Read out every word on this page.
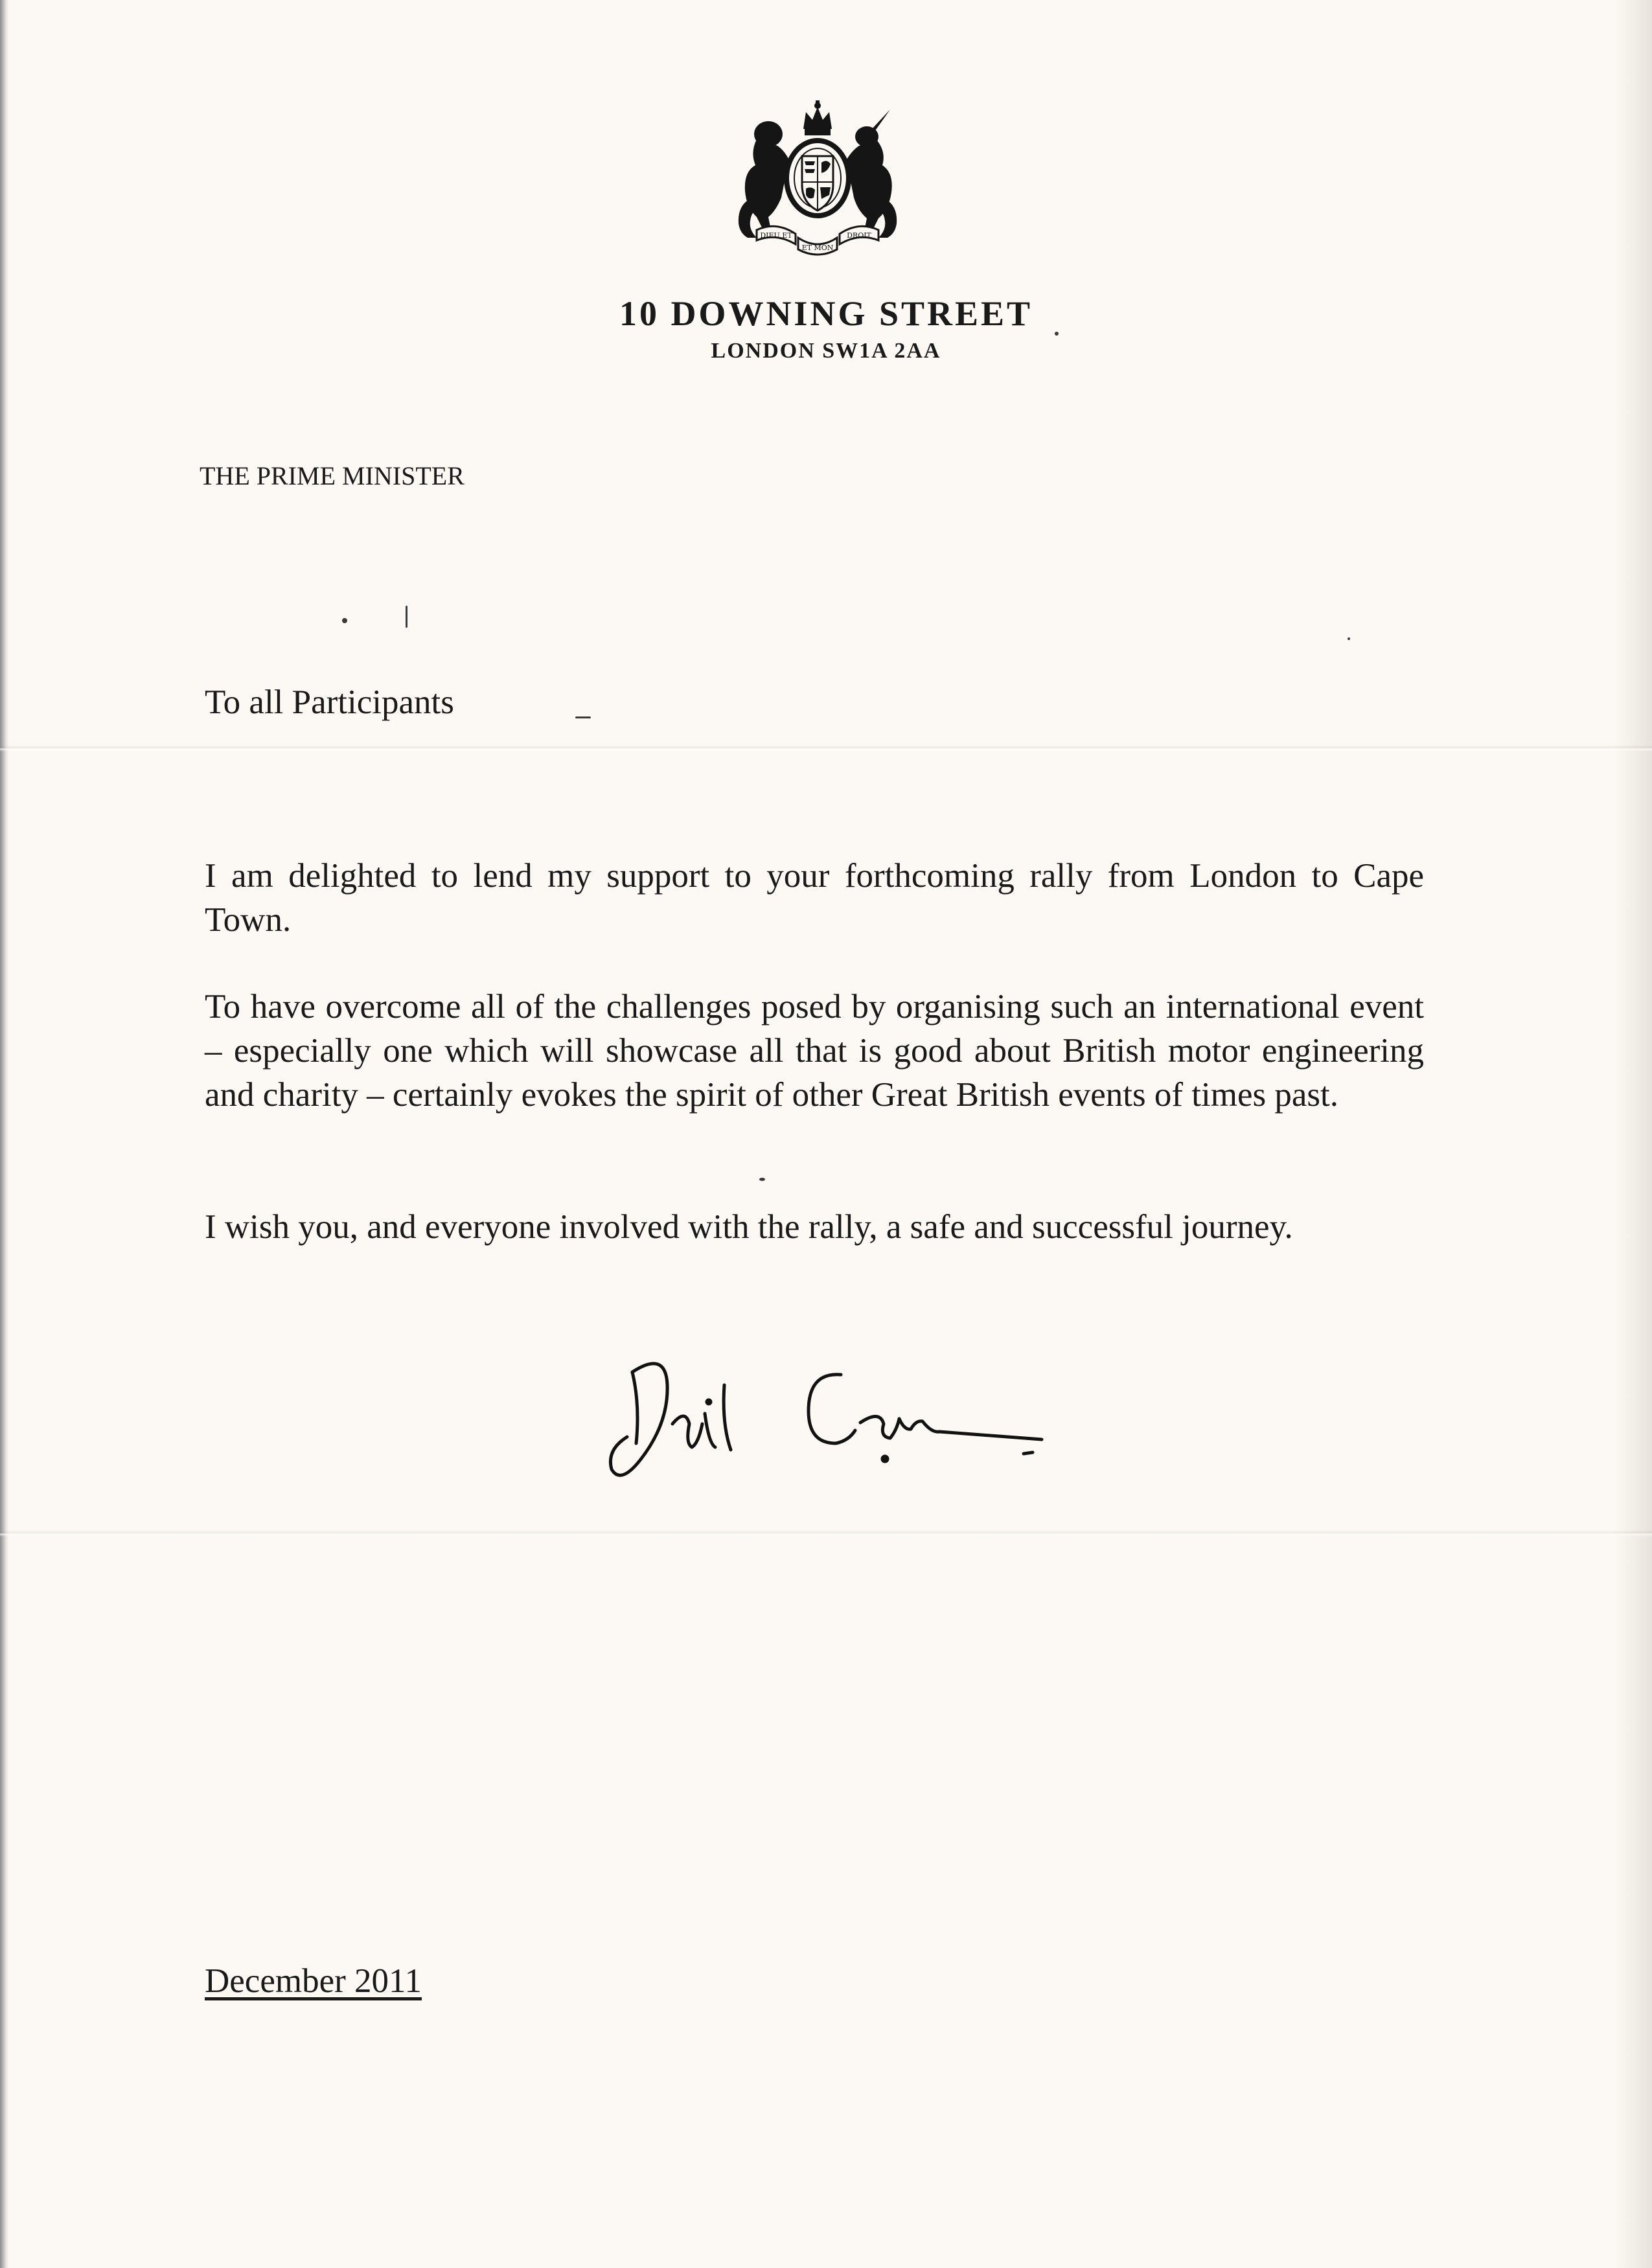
DIEU ET	DROIT
ET MON
10 DOWNING STREET
LONDON SW1A 2AA
THE PRIME MINISTER
To all Participants

I am delighted to lend my support to your forthcoming rally from London to Cape Town.

To have overcome all of the challenges posed by organising such an international event – especially one which will showcase all that is good about British motor engineering and charity – certainly evokes the spirit of other Great British events of times past.

I wish you, and everyone involved with the rally, a safe and successful journey.

December 2011
